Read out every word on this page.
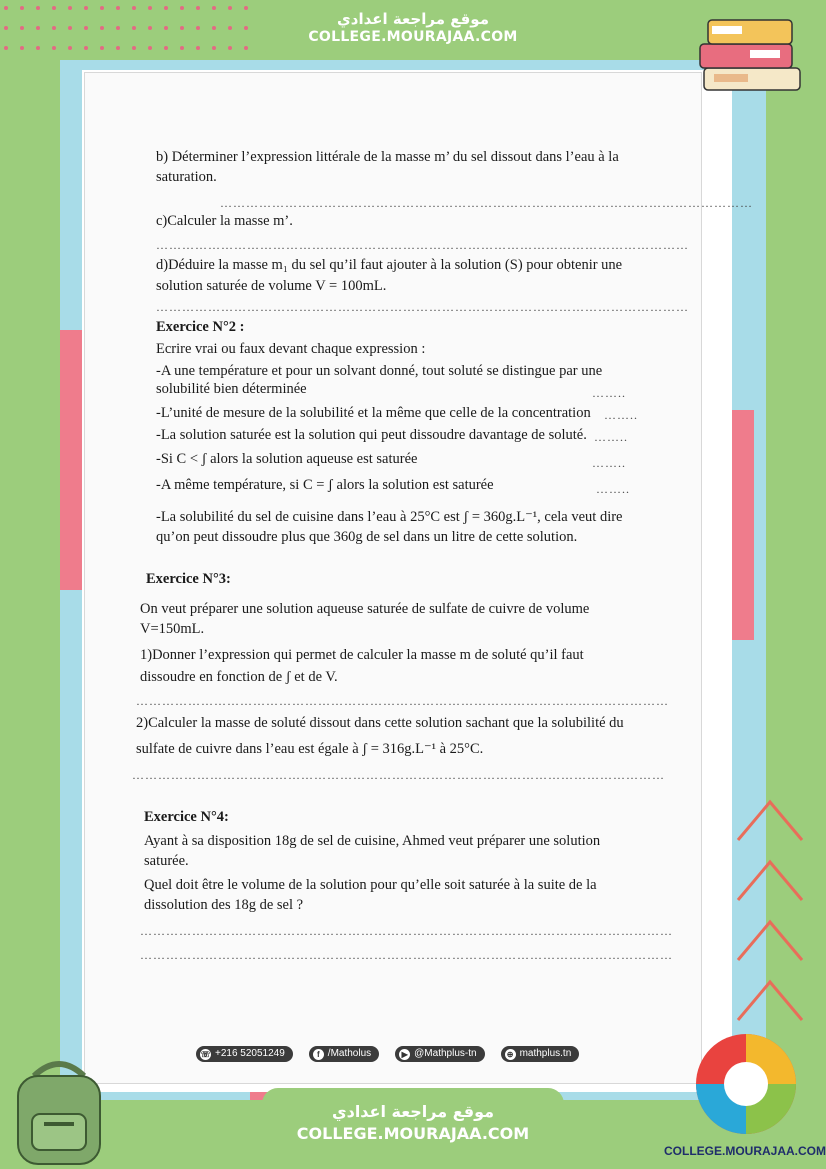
موقع مراجعة اعدادي
COLLEGE.MOURAJAA.COM
b) Déterminer l’expression littérale de la masse m’ du sel dissout dans l’eau à la
saturation.
……………………………………………………………………………………………………………
c)Calculer la masse m’.
……………………………………………………………………………………………………………
d)Déduire la masse m₁ du sel qu’il faut ajouter à la solution (S) pour obtenir une
solution saturée de volume V = 100mL.
……………………………………………………………………………………………………………
Exercice N°2 :
Ecrire vrai ou faux devant chaque expression :
-A une température et pour un solvant donné, tout soluté se distingue par une
solubilité bien déterminée	……..
-L’unité de mesure de la solubilité et la même que celle de la concentration ……..
-La solution saturée est la solution qui peut dissoudre davantage de soluté. ……..
-Si C < ʃ alors la solution aqueuse est saturée	……..
-A même température, si C = ʃ alors la solution est saturée	……..
-La solubilité du sel de cuisine dans l’eau à 25°C est ʃ = 360g.L⁻¹, cela veut dire
qu’on peut dissoudre plus que 360g de sel dans un litre de cette solution.
Exercice N°3:
On veut préparer une solution aqueuse saturée de sulfate de cuivre de volume
V=150mL.
1)Donner l’expression qui permet de calculer la masse m de soluté qu’il faut
dissoudre en fonction de ʃ et de V.
……………………………………………………………………………………………………………
2)Calculer la masse de soluté dissout dans cette solution sachant que la solubilité du
sulfate de cuivre dans l’eau est égale à ʃ = 316g.L⁻¹ à 25°C.
……………………………………………………………………………………………………………
Exercice N°4:
Ayant à sa disposition 18g de sel de cuisine, Ahmed veut préparer une solution
saturée.
Quel doit être le volume de la solution pour qu’elle soit saturée à la suite de la
dissolution des 18g de sel ?
……………………………………………………………………………………………………………
……………………………………………………………………………………………………………
☏ +216 52051249	f /Matholus	▶ @Mathplus-tn	⊕ mathplus.tn
موقع مراجعة اعدادي
COLLEGE.MOURAJAA.COM
COLLEGE.MOURAJAA.COM
